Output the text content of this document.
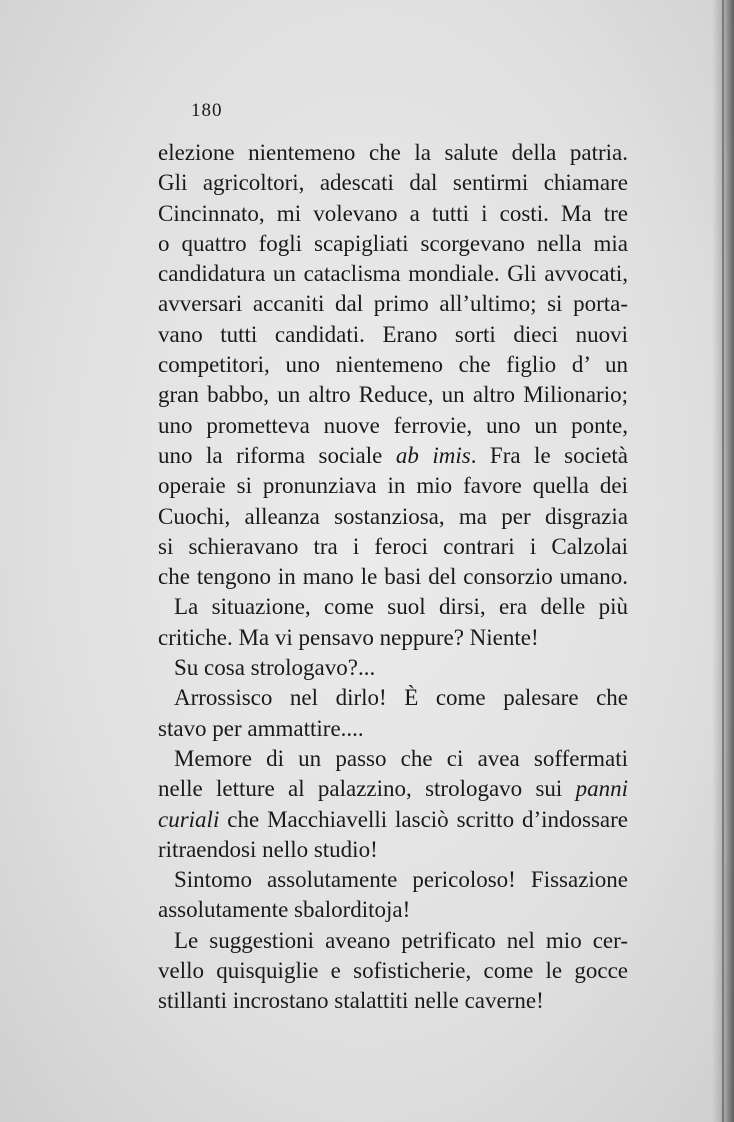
180
elezione nientemeno che la salute della patria.
Gli agricoltori, adescati dal sentirmi chiamare
Cincinnato, mi volevano a tutti i costi. Ma tre
o quattro fogli scapigliati scorgevano nella mia
candidatura un cataclisma mondiale. Gli avvocati,
avversari accaniti dal primo all’ultimo; si porta-
vano tutti candidati. Erano sorti dieci nuovi
competitori, uno nientemeno che figlio d’ un
gran babbo, un altro Reduce, un altro Milionario;
uno prometteva nuove ferrovie, uno un ponte,
uno la riforma sociale ab imis. Fra le società
operaie si pronunziava in mio favore quella dei
Cuochi, alleanza sostanziosa, ma per disgrazia
si schieravano tra i feroci contrari i Calzolai
che tengono in mano le basi del consorzio umano.
La situazione, come suol dirsi, era delle più
critiche. Ma vi pensavo neppure? Niente!
Su cosa strologavo?...
Arrossisco nel dirlo! È come palesare che
stavo per ammattire....
Memore di un passo che ci avea soffermati
nelle letture al palazzino, strologavo sui panni
curiali che Macchiavelli lasciò scritto d’indossare
ritraendosi nello studio!
Sintomo assolutamente pericoloso! Fissazione
assolutamente sbalorditoja!
Le suggestioni aveano petrificato nel mio cer-
vello quisquiglie e sofisticherie, come le gocce
stillanti incrostano stalattiti nelle caverne!
